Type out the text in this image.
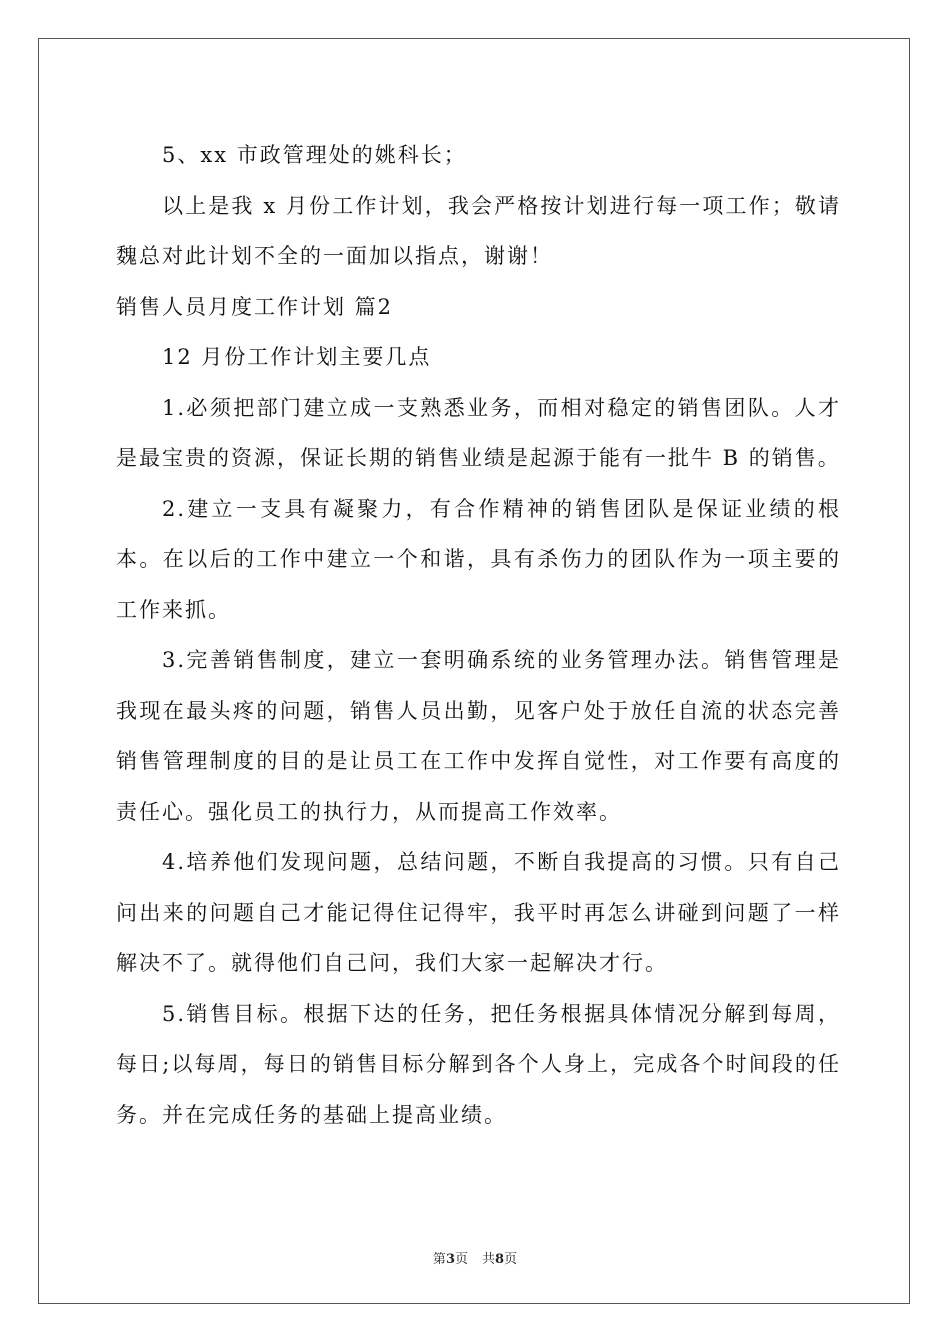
5、xx 市政管理处的姚科长；

以上是我 x 月份工作计划，我会严格按计划进行每一项工作；敬请魏总对此计划不全的一面加以指点，谢谢！

销售人员月度工作计划 篇2

12 月份工作计划主要几点

1.必须把部门建立成一支熟悉业务，而相对稳定的销售团队。人才是最宝贵的资源，保证长期的销售业绩是起源于能有一批牛 B 的销售。

2.建立一支具有凝聚力，有合作精神的销售团队是保证业绩的根本。在以后的工作中建立一个和谐，具有杀伤力的团队作为一项主要的工作来抓。

3.完善销售制度，建立一套明确系统的业务管理办法。销售管理是我现在最头疼的问题，销售人员出勤，见客户处于放任自流的状态完善销售管理制度的目的是让员工在工作中发挥自觉性，对工作要有高度的责任心。强化员工的执行力，从而提高工作效率。

4.培养他们发现问题，总结问题，不断自我提高的习惯。只有自己问出来的问题自己才能记得住记得牢，我平时再怎么讲碰到问题了一样解决不了。就得他们自己问，我们大家一起解决才行。

5.销售目标。根据下达的任务，把任务根据具体情况分解到每周，每日;以每周，每日的销售目标分解到各个人身上，完成各个时间段的任务。并在完成任务的基础上提高业绩。

第3页 共8页
